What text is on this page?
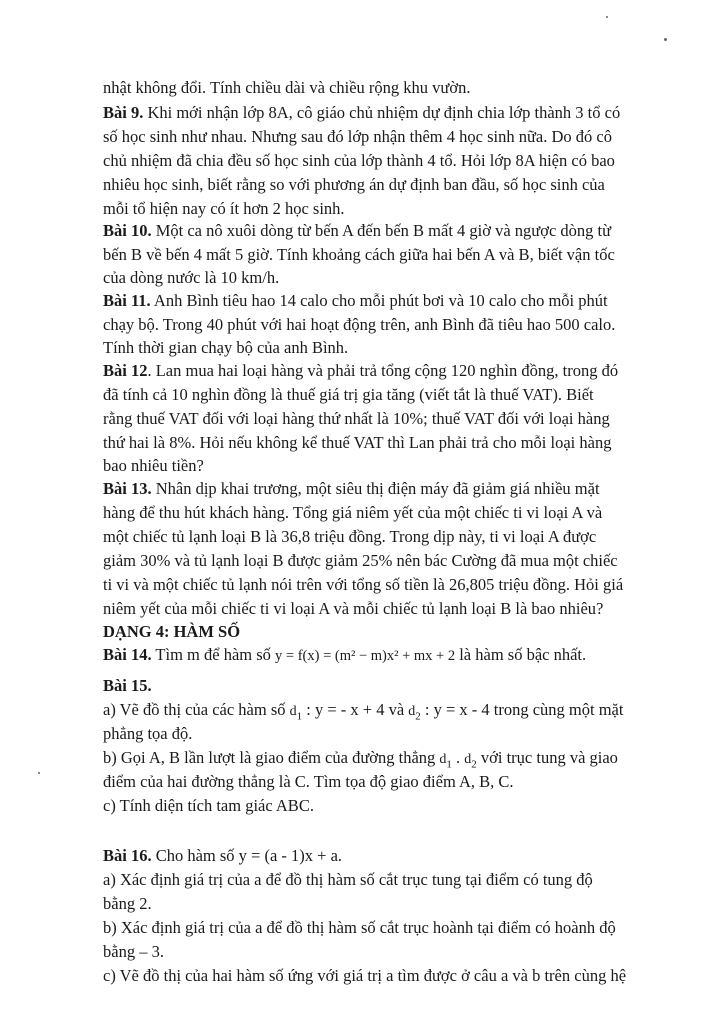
nhật không đổi. Tính chiều dài và chiều rộng khu vườn.
Bài 9. Khi mới nhận lớp 8A, cô giáo chủ nhiệm dự định chia lớp thành 3 tổ có
số học sinh như nhau. Nhưng sau đó lớp nhận thêm 4 học sinh nữa. Do đó cô
chủ nhiệm đã chia đều số học sinh của lớp thành 4 tổ. Hỏi lớp 8A hiện có bao
nhiêu học sinh, biết rằng so với phương án dự định ban đầu, số học sinh của
mỗi tổ hiện nay có ít hơn 2 học sinh.
Bài 10. Một ca nô xuôi dòng từ bến A đến bến B mất 4 giờ và ngược dòng từ
bến B về bến 4 mất 5 giờ. Tính khoảng cách giữa hai bến A và B, biết vận tốc
của dòng nước là 10 km/h.
Bài 11. Anh Bình tiêu hao 14 calo cho mỗi phút bơi và 10 calo cho mỗi phút
chạy bộ. Trong 40 phút với hai hoạt động trên, anh Bình đã tiêu hao 500 calo.
Tính thời gian chạy bộ của anh Bình.
Bài 12. Lan mua hai loại hàng và phải trả tổng cộng 120 nghìn đồng, trong đó
đã tính cả 10 nghìn đồng là thuế giá trị gia tăng (viết tắt là thuế VAT). Biết
rằng thuế VAT đối với loại hàng thứ nhất là 10%; thuế VAT đối với loại hàng
thứ hai là 8%. Hỏi nếu không kể thuế VAT thì Lan phải trả cho mỗi loại hàng
bao nhiêu tiền?
Bài 13. Nhân dịp khai trương, một siêu thị điện máy đã giảm giá nhiều mặt
hàng để thu hút khách hàng. Tổng giá niêm yết của một chiếc ti vi loại A và
một chiếc tủ lạnh loại B là 36,8 triệu đồng. Trong dịp này, ti vi loại A được
giảm 30% và tủ lạnh loại B được giảm 25% nên bác Cường đã mua một chiếc
ti vi và một chiếc tủ lạnh nói trên với tổng số tiền là 26,805 triệu đồng. Hỏi giá
niêm yết của mỗi chiếc ti vi loại A và mỗi chiếc tủ lạnh loại B là bao nhiêu?
DẠNG 4: HÀM SỐ
Bài 14. Tìm m để hàm số y = f(x) = (m² − m)x² + mx + 2 là hàm số bậc nhất.
Bài 15.
a) Vẽ đồ thị của các hàm số $d_1$ : y = - x + 4 và $d_2$ : y = x - 4 trong cùng một mặt
phẳng tọa độ.
b) Gọi A, B lần lượt là giao điểm của đường thẳng $d_1$ . $d_2$ với trục tung và giao
điểm của hai đường thẳng là C. Tìm tọa độ giao điểm A, B, C.
c) Tính diện tích tam giác ABC.
Bài 16. Cho hàm số y = (a - 1)x + a.
a) Xác định giá trị của a để đồ thị hàm số cắt trục tung tại điểm có tung độ
bằng 2.
b) Xác định giá trị của a để đồ thị hàm số cắt trục hoành tại điểm có hoành độ
bằng – 3.
c) Vẽ đồ thị của hai hàm số ứng với giá trị a tìm được ở câu a và b trên cùng hệ
